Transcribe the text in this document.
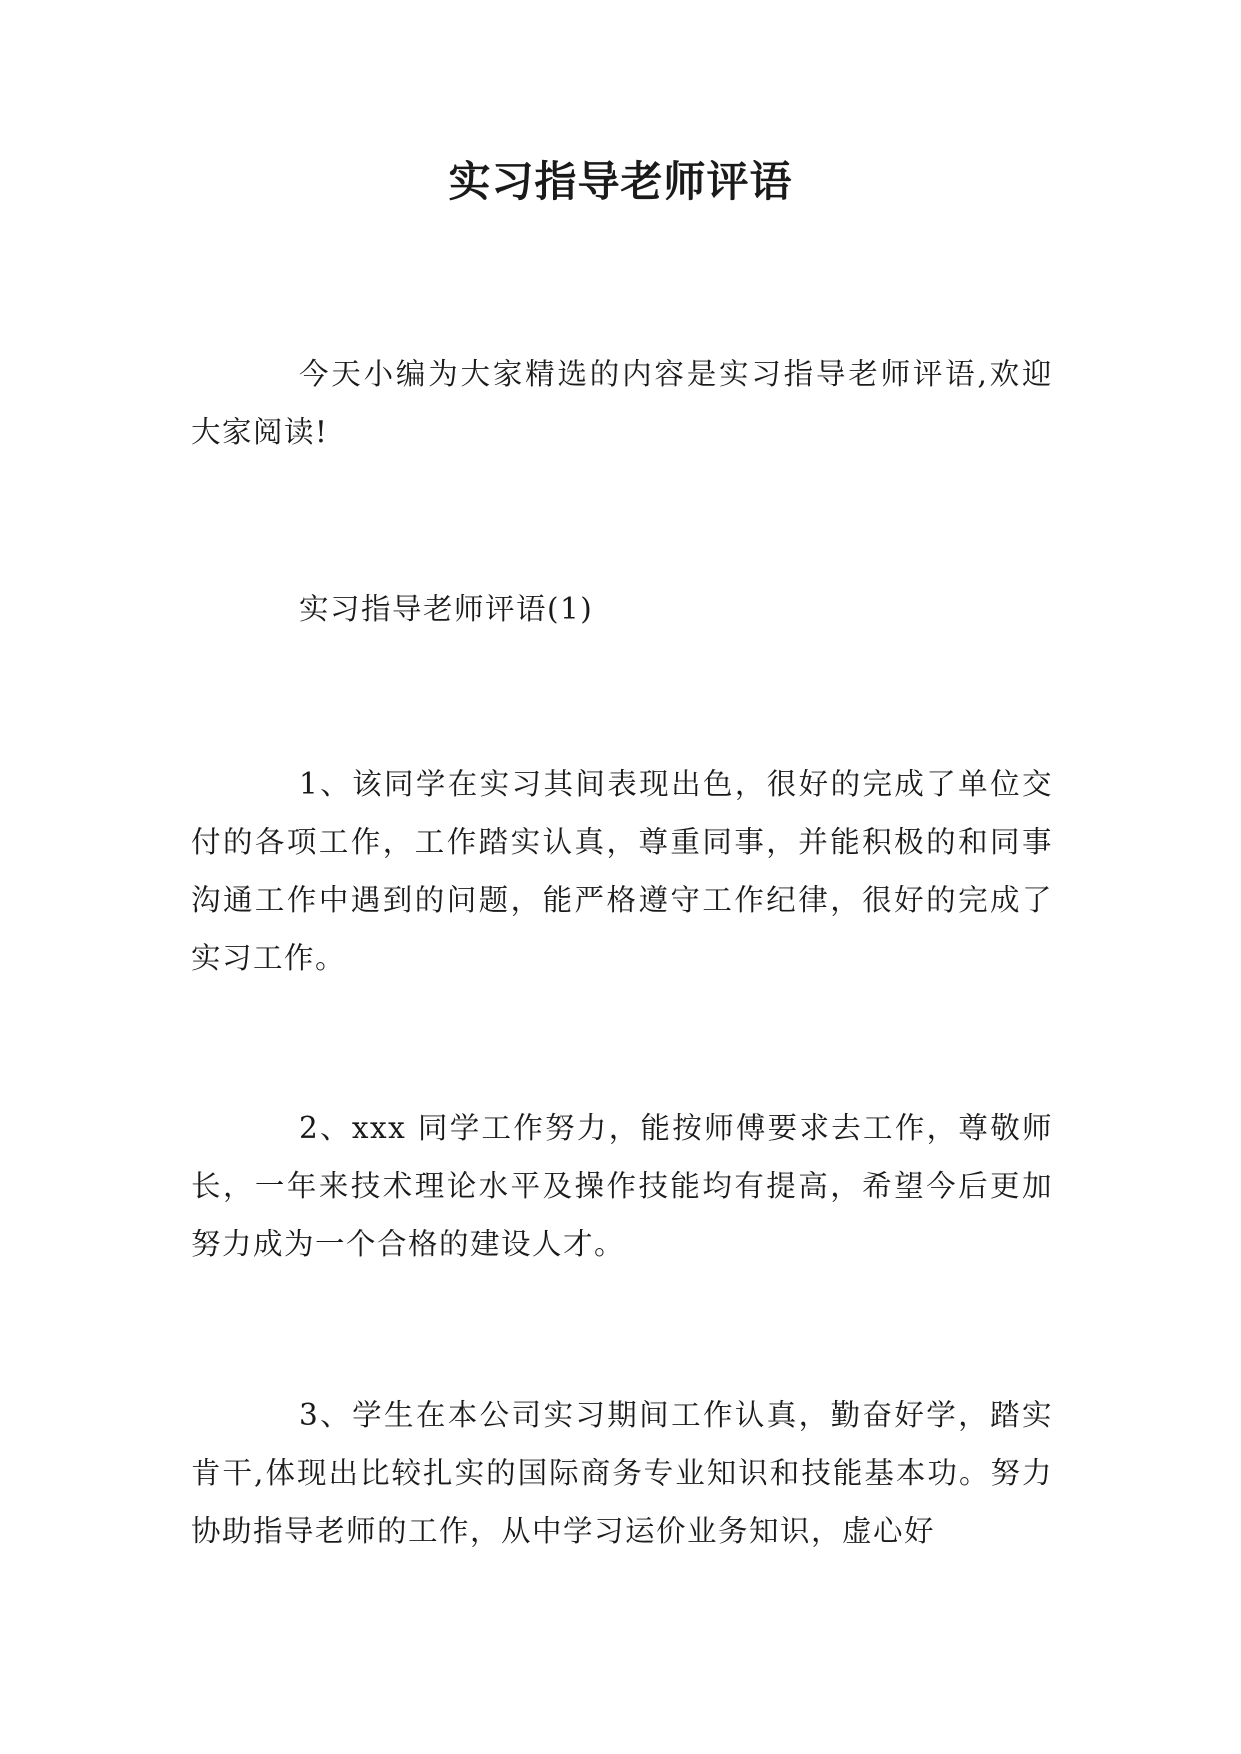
实习指导老师评语

今天小编为大家精选的内容是实习指导老师评语,欢迎大家阅读!

实习指导老师评语(1)

1、该同学在实习其间表现出色，很好的完成了单位交付的各项工作，工作踏实认真，尊重同事，并能积极的和同事沟通工作中遇到的问题，能严格遵守工作纪律，很好的完成了实习工作。

2、xxx 同学工作努力，能按师傅要求去工作，尊敬师长，一年来技术理论水平及操作技能均有提高，希望今后更加努力成为一个合格的建设人才。

3、学生在本公司实习期间工作认真，勤奋好学，踏实肯干,体现出比较扎实的国际商务专业知识和技能基本功。努力协助指导老师的工作，从中学习运价业务知识，虚心好
